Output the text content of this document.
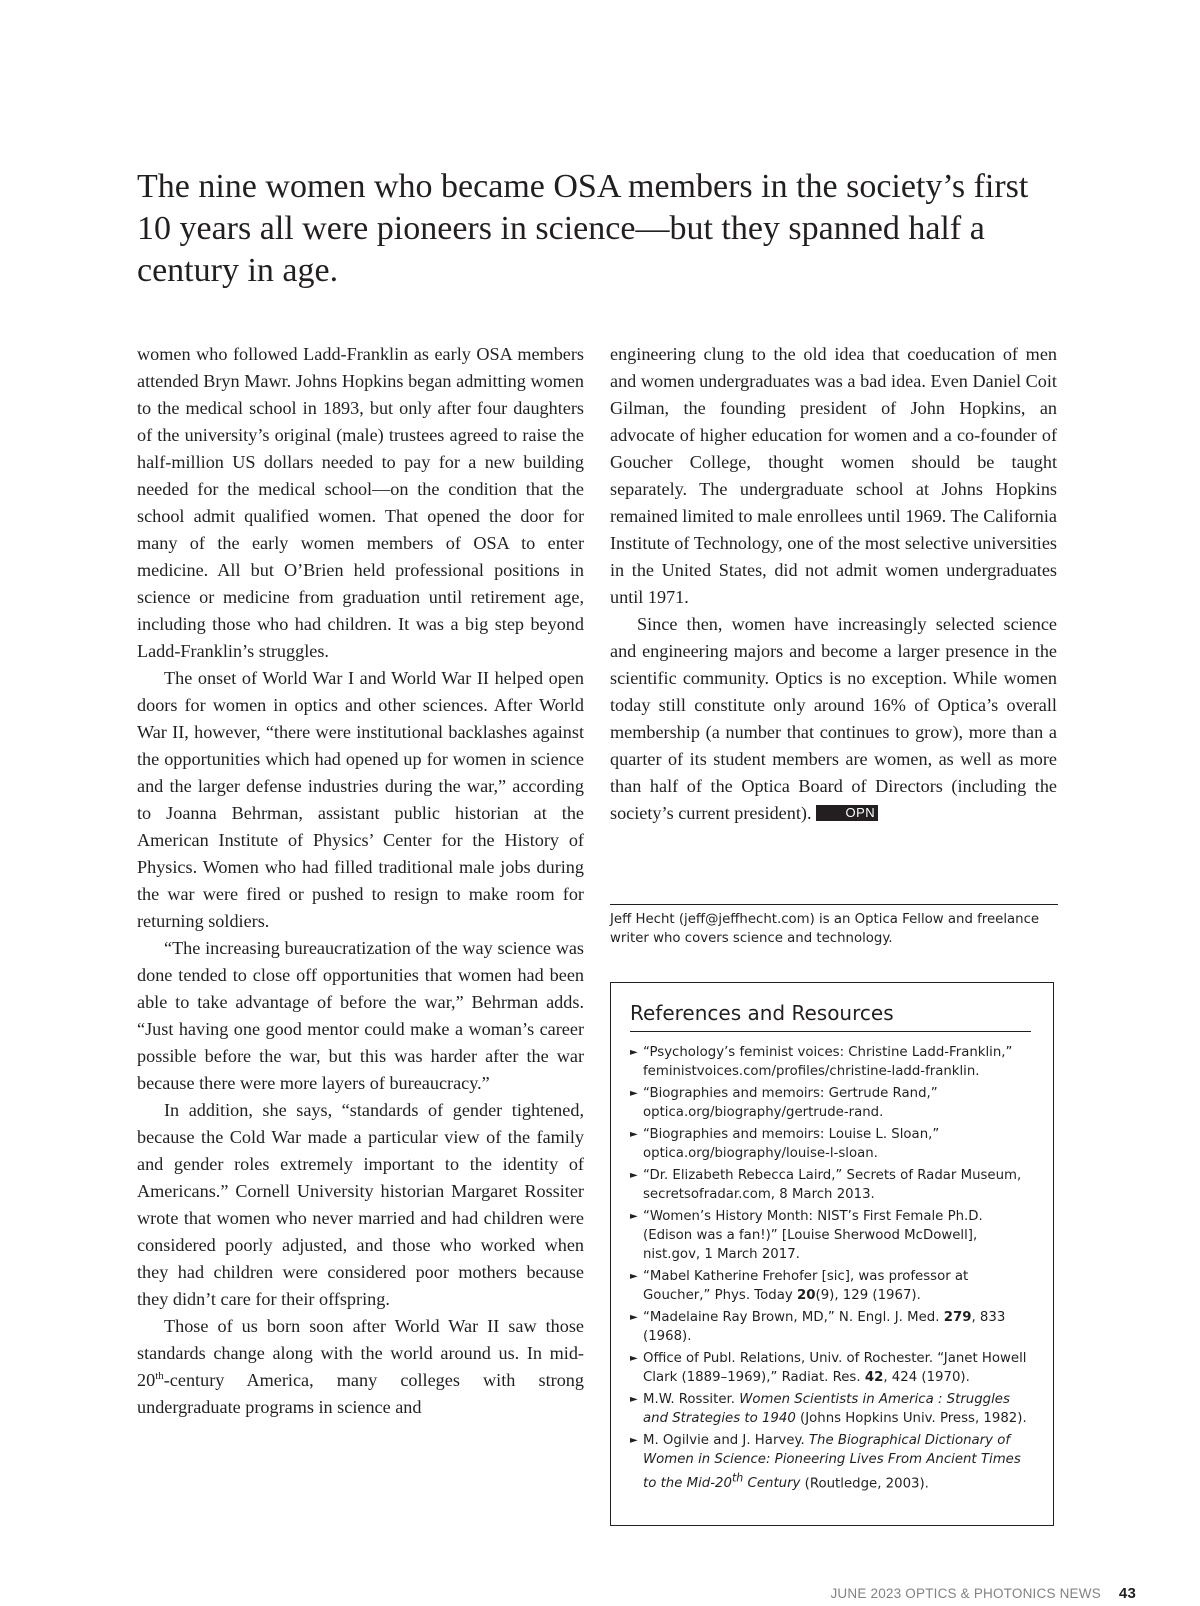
The nine women who became OSA members in the society’s first 10 years all were pioneers in science—but they spanned half a century in age.

women who followed Ladd-Franklin as early OSA members attended Bryn Mawr. Johns Hopkins began admitting women to the medical school in 1893, but only after four daughters of the university’s original (male) trustees agreed to raise the half-million US dollars needed to pay for a new building needed for the medical school—on the condition that the school admit qualified women. That opened the door for many of the early women members of OSA to enter medicine. All but O’Brien held professional positions in science or medicine from graduation until retirement age, including those who had children. It was a big step beyond Ladd-Franklin’s struggles.

The onset of World War I and World War II helped open doors for women in optics and other sciences. After World War II, however, “there were institutional backlashes against the opportunities which had opened up for women in science and the larger defense industries during the war,” according to Joanna Behrman, assistant public historian at the American Institute of Physics’ Center for the History of Physics. Women who had filled traditional male jobs during the war were fired or pushed to resign to make room for returning soldiers.

“The increasing bureaucratization of the way science was done tended to close off opportunities that women had been able to take advantage of before the war,” Behrman adds. “Just having one good mentor could make a woman’s career possible before the war, but this was harder after the war because there were more layers of bureaucracy.”

In addition, she says, “standards of gender tightened, because the Cold War made a particular view of the family and gender roles extremely important to the identity of Americans.” Cornell University historian Margaret Rossiter wrote that women who never married and had children were considered poorly adjusted, and those who worked when they had children were considered poor mothers because they didn’t care for their offspring.

Those of us born soon after World War II saw those standards change along with the world around us. In mid-20th-century America, many colleges with strong undergraduate programs in science and

engineering clung to the old idea that coeducation of men and women undergraduates was a bad idea. Even Daniel Coit Gilman, the founding president of John Hopkins, an advocate of higher education for women and a co-founder of Goucher College, thought women should be taught separately. The undergraduate school at Johns Hopkins remained limited to male enrollees until 1969. The California Institute of Technology, one of the most selective universities in the United States, did not admit women undergraduates until 1971.

Since then, women have increasingly selected science and engineering majors and become a larger presence in the scientific community. Optics is no exception. While women today still constitute only around 16% of Optica’s overall membership (a number that continues to grow), more than a quarter of its student members are women, as well as more than half of the Optica Board of Directors (including the society’s current president).	OPN

Jeff Hecht (jeff@jeffhecht.com) is an Optica Fellow and freelance writer who covers science and technology.

References and Resources
► “Psychology’s feminist voices: Christine Ladd-Franklin,” feministvoices.com/profiles/christine-ladd-franklin.
► “Biographies and memoirs: Gertrude Rand,” optica.org/biography/gertrude-rand.
► “Biographies and memoirs: Louise L. Sloan,” optica.org/biography/louise-l-sloan.
► “Dr. Elizabeth Rebecca Laird,” Secrets of Radar Museum, secretsofradar.com, 8 March 2013.
► “Women’s History Month: NIST’s First Female Ph.D. (Edison was a fan!)” [Louise Sherwood McDowell], nist.gov, 1 March 2017.
► “Mabel Katherine Frehofer [sic], was professor at Goucher,” Phys. Today 20(9), 129 (1967).
► “Madelaine Ray Brown, MD,” N. Engl. J. Med. 279, 833 (1968).
► Office of Publ. Relations, Univ. of Rochester. “Janet Howell Clark (1889–1969),” Radiat. Res. 42, 424 (1970).
► M.W. Rossiter. Women Scientists in America : Struggles and Strategies to 1940 (Johns Hopkins Univ. Press, 1982).
► M. Ogilvie and J. Harvey. The Biographical Dictionary of Women in Science: Pioneering Lives From Ancient Times to the Mid-20th Century (Routledge, 2003).

JUNE 2023 OPTICS & PHOTONICS NEWS 43
